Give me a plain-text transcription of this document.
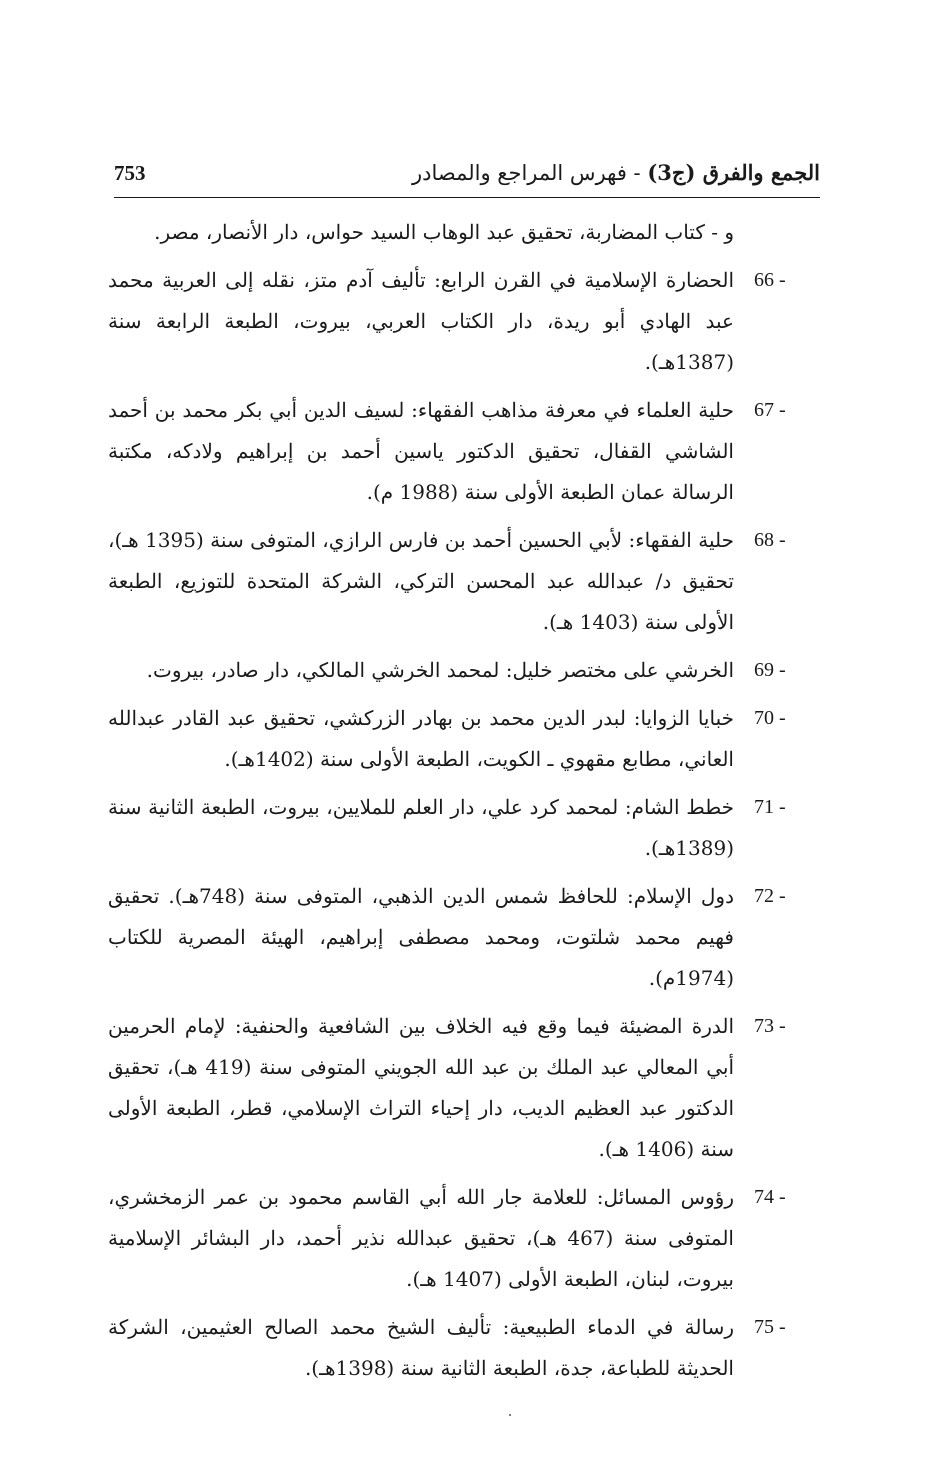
الجمع والفرق (ج3) - فهرس المراجع والمصادر
753
و - كتاب المضاربة، تحقيق عبد الوهاب السيد حواس، دار الأنصار، مصر.
66 -
الحضارة الإسلامية في القرن الرابع: تأليف آدم متز، نقله إلى العربية محمد عبد الهادي أبو ريدة، دار الكتاب العربي، بيروت، الطبعة الرابعة سنة (1387هـ).
67 -
حلية العلماء في معرفة مذاهب الفقهاء: لسيف الدين أبي بكر محمد بن أحمد الشاشي القفال، تحقيق الدكتور ياسين أحمد بن إبراهيم ولادكه، مكتبة الرسالة عمان الطبعة الأولى سنة (1988 م).
68 -
حلية الفقهاء: لأبي الحسين أحمد بن فارس الرازي، المتوفى سنة (1395 هـ)، تحقيق د/ عبدالله عبد المحسن التركي، الشركة المتحدة للتوزيع، الطبعة الأولى سنة (1403 هـ).
69 -
الخرشي على مختصر خليل: لمحمد الخرشي المالكي، دار صادر، بيروت.
70 -
خبايا الزوايا: لبدر الدين محمد بن بهادر الزركشي، تحقيق عبد القادر عبدالله العاني، مطابع مقهوي ـ الكويت، الطبعة الأولى سنة (1402هـ).
71 -
خطط الشام: لمحمد كرد علي، دار العلم للملايين، بيروت، الطبعة الثانية سنة (1389هـ).
72 -
دول الإسلام: للحافظ شمس الدين الذهبي، المتوفى سنة (748هـ). تحقيق فهيم محمد شلتوت، ومحمد مصطفى إبراهيم، الهيئة المصرية للكتاب (1974م).
73 -
الدرة المضيئة فيما وقع فيه الخلاف بين الشافعية والحنفية: لإمام الحرمين أبي المعالي عبد الملك بن عبد الله الجويني المتوفى سنة (419 هـ)، تحقيق الدكتور عبد العظيم الديب، دار إحياء التراث الإسلامي، قطر، الطبعة الأولى سنة (1406 هـ).
74 -
رؤوس المسائل: للعلامة جار الله أبي القاسم محمود بن عمر الزمخشري، المتوفى سنة (467 هـ)، تحقيق عبدالله نذير أحمد، دار البشائر الإسلامية بيروت، لبنان، الطبعة الأولى (1407 هـ).
75 -
رسالة في الدماء الطبيعية: تأليف الشيخ محمد الصالح العثيمين، الشركة الحديثة للطباعة، جدة، الطبعة الثانية سنة (1398هـ).
